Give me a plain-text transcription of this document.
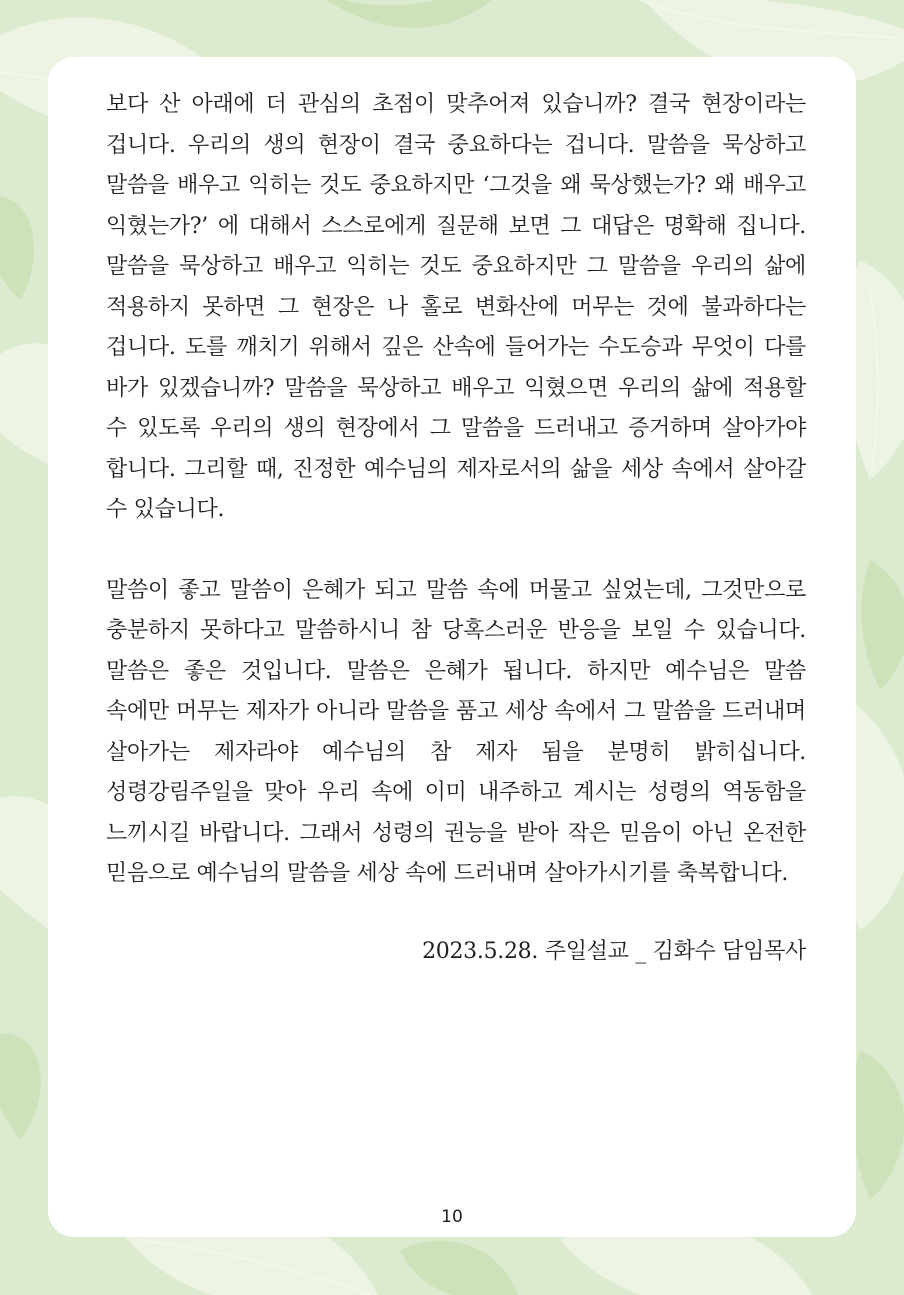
보다 산 아래에 더 관심의 초점이 맞추어져 있습니까? 결국 현장이라는 겁니다. 우리의 생의 현장이 결국 중요하다는 겁니다. 말씀을 묵상하고 말씀을 배우고 익히는 것도 중요하지만 ‘그것을 왜 묵상했는가? 왜 배우고 익혔는가?’ 에 대해서 스스로에게 질문해 보면 그 대답은 명확해 집니다. 말씀을 묵상하고 배우고 익히는 것도 중요하지만 그 말씀을 우리의 삶에 적용하지 못하면 그 현장은 나 홀로 변화산에 머무는 것에 불과하다는 겁니다. 도를 깨치기 위해서 깊은 산속에 들어가는 수도승과 무엇이 다를 바가 있겠습니까? 말씀을 묵상하고 배우고 익혔으면 우리의 삶에 적용할 수 있도록 우리의 생의 현장에서 그 말씀을 드러내고 증거하며 살아가야 합니다. 그리할 때, 진정한 예수님의 제자로서의 삶을 세상 속에서 살아갈 수 있습니다.

말씀이 좋고 말씀이 은혜가 되고 말씀 속에 머물고 싶었는데, 그것만으로 충분하지 못하다고 말씀하시니 참 당혹스러운 반응을 보일 수 있습니다. 말씀은 좋은 것입니다. 말씀은 은혜가 됩니다. 하지만 예수님은 말씀 속에만 머무는 제자가 아니라 말씀을 품고 세상 속에서 그 말씀을 드러내며 살아가는 제자라야 예수님의 참 제자 됨을 분명히 밝히십니다. 성령강림주일을 맞아 우리 속에 이미 내주하고 계시는 성령의 역동함을 느끼시길 바랍니다. 그래서 성령의 권능을 받아 작은 믿음이 아닌 온전한 믿음으로 예수님의 말씀을 세상 속에 드러내며 살아가시기를 축복합니다.

2023.5.28. 주일설교 _ 김화수 담임목사
10
